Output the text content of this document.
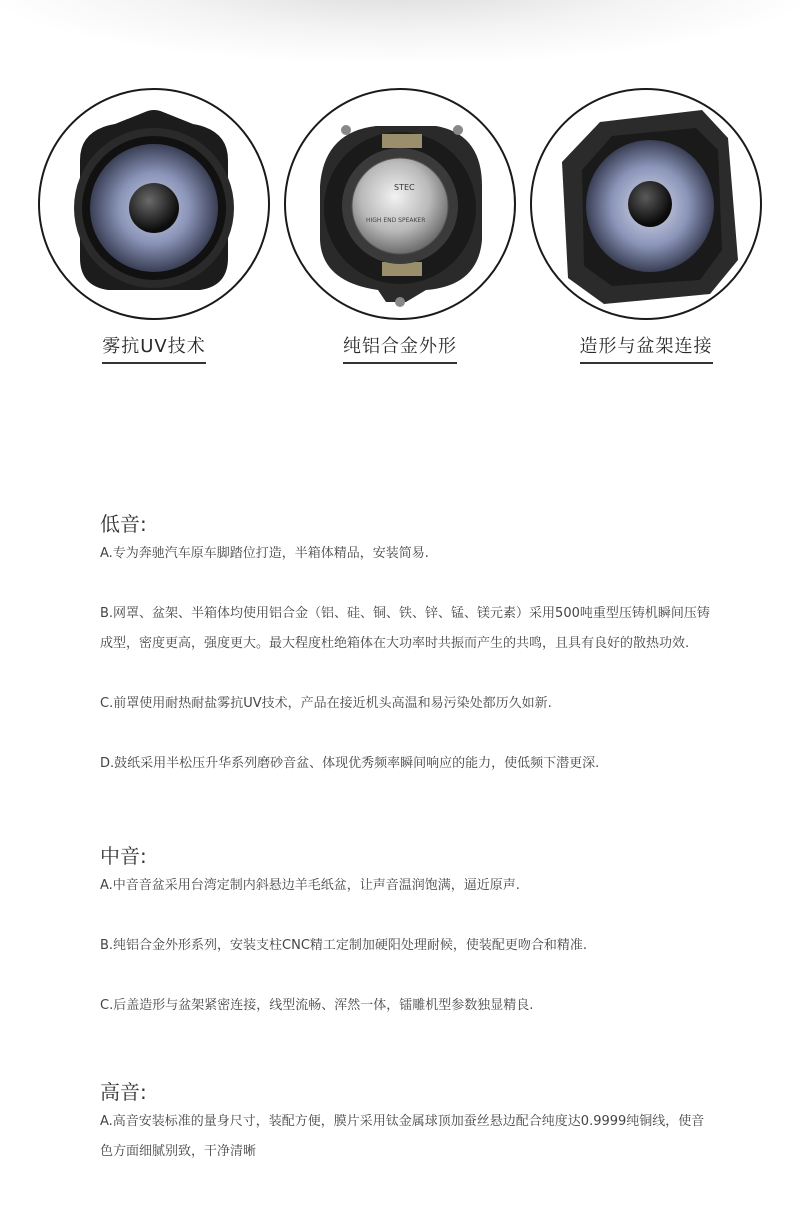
雾抗UV技术
STEC
HIGH END SPEAKER
纯铝合金外形	造形与盆架连接
低音:

A.专为奔驰汽车原车脚踏位打造，半箱体精品，安装简易.

B.网罩、盆架、半箱体均使用铝合金（铝、硅、铜、铁、锌、锰、镁元素）采用500吨重型压铸机瞬间压铸成型，密度更高，强度更大。最大程度杜绝箱体在大功率时共振而产生的共鸣，且具有良好的散热功效.

C.前罩使用耐热耐盐雾抗UV技术，产品在接近机头高温和易污染处都历久如新.

D.鼓纸采用半松压升华系列磨砂音盆、体现优秀频率瞬间响应的能力，使低频下潜更深.

中音:

A.中音音盆采用台湾定制内斜悬边羊毛纸盆，让声音温润饱满，逼近原声.

B.纯铝合金外形系列，安装支柱CNC精工定制加硬阳处理耐候，使装配更吻合和精准.

C.后盖造形与盆架紧密连接，线型流畅、浑然一体，镭雕机型参数独显精良.

高音:

A.高音安装标准的量身尺寸，装配方便，膜片采用钛金属球顶加蚕丝悬边配合纯度达0.9999纯铜线，使音色方面细腻别致，干净清晰
